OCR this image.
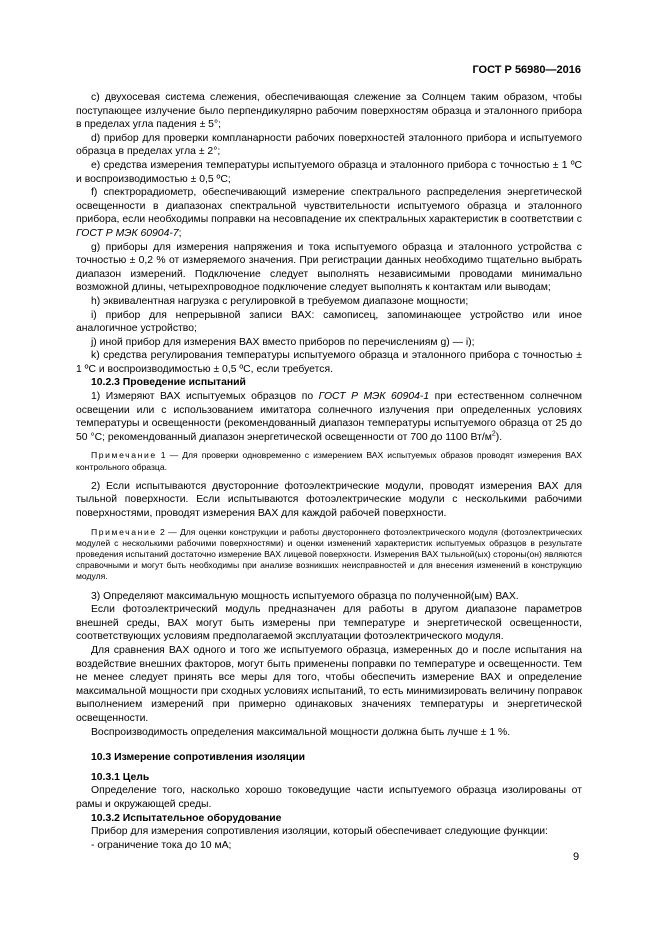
ГОСТ Р 56980—2016

с) двухосевая система слежения, обеспечивающая слежение за Солнцем таким образом, чтобы поступающее излучение было перпендикулярно рабочим поверхностям образца и эталонного прибора в пределах угла падения ± 5°;

d) прибор для проверки компланарности рабочих поверхностей эталонного прибора и испытуемого образца в пределах угла ± 2°;

е) средства измерения температуры испытуемого образца и эталонного прибора с точностью ± 1 ºС и воспроизводимостью ± 0,5 ºС;

f) спектрорадиометр, обеспечивающий измерение спектрального распределения энергетической освещенности в диапазонах спектральной чувствительности испытуемого образца и эталонного прибора, если необходимы поправки на несовпадение их спектральных характеристик в соответствии с ГОСТ Р МЭК 60904-7;

g) приборы для измерения напряжения и тока испытуемого образца и эталонного устройства с точностью ± 0,2 % от измеряемого значения. При регистрации данных необходимо тщательно выбрать диапазон измерений. Подключение следует выполнять независимыми проводами минимально возможной длины, четырехпроводное подключение следует выполнять к контактам или выводам;

h) эквивалентная нагрузка с регулировкой в требуемом диапазоне мощности;

i) прибор для непрерывной записи ВАХ: самописец, запоминающее устройство или иное аналогичное устройство;

j) иной прибор для измерения ВАХ вместо приборов по перечислениям g) — i);

k) средства регулирования температуры испытуемого образца и эталонного прибора с точностью ± 1 ºС и воспроизводимостью ± 0,5 ºС, если требуется.

10.2.3 Проведение испытаний

1) Измеряют ВАХ испытуемых образцов по ГОСТ Р МЭК 60904-1 при естественном солнечном освещении или с использованием имитатора солнечного излучения при определенных условиях температуры и освещенности (рекомендованный диапазон температуры испытуемого образца от 25 до 50 °С; рекомендованный диапазон энергетической освещенности от 700 до 1100 $Вт/м^2$).

Примечание 1 — Для проверки одновременно с измерением ВАХ испытуемых образов проводят измерения ВАХ контрольного образца.

2) Если испытываются двусторонние фотоэлектрические модули, проводят измерения ВАХ для тыльной поверхности. Если испытываются фотоэлектрические модули с несколькими рабочими поверхностями, проводят измерения ВАХ для каждой рабочей поверхности.

Примечание 2 — Для оценки конструкции и работы двустороннего фотоэлектрического модуля (фотоэлектрических модулей с несколькими рабочими поверхностями) и оценки изменений характеристик испытуемых образцов в результате проведения испытаний достаточно измерение ВАХ лицевой поверхности. Измерения ВАХ тыльной(ых) стороны(он) являются справочными и могут быть необходимы при анализе возникших неисправностей и для внесения изменений в конструкцию модуля.

3) Определяют максимальную мощность испытуемого образца по полученной(ым) ВАХ.

Если фотоэлектрический модуль предназначен для работы в другом диапазоне параметров внешней среды, ВАХ могут быть измерены при температуре и энергетической освещенности, соответствующих условиям предполагаемой эксплуатации фотоэлектрического модуля.

Для сравнения ВАХ одного и того же испытуемого образца, измеренных до и после испытания на воздействие внешних факторов, могут быть применены поправки по температуре и освещенности. Тем не менее следует принять все меры для того, чтобы обеспечить измерение ВАХ и определение максимальной мощности при сходных условиях испытаний, то есть минимизировать величину поправок выполнением измерений при примерно одинаковых значениях температуры и энергетической освещенности.

Воспроизводимость определения максимальной мощности должна быть лучше ± 1 %.

10.3 Измерение сопротивления изоляции

10.3.1 Цель

Определение того, насколько хорошо токоведущие части испытуемого образца изолированы от рамы и окружающей среды.

10.3.2 Испытательное оборудование

Прибор для измерения сопротивления изоляции, который обеспечивает следующие функции:

- ограничение тока до 10 мА;

9
